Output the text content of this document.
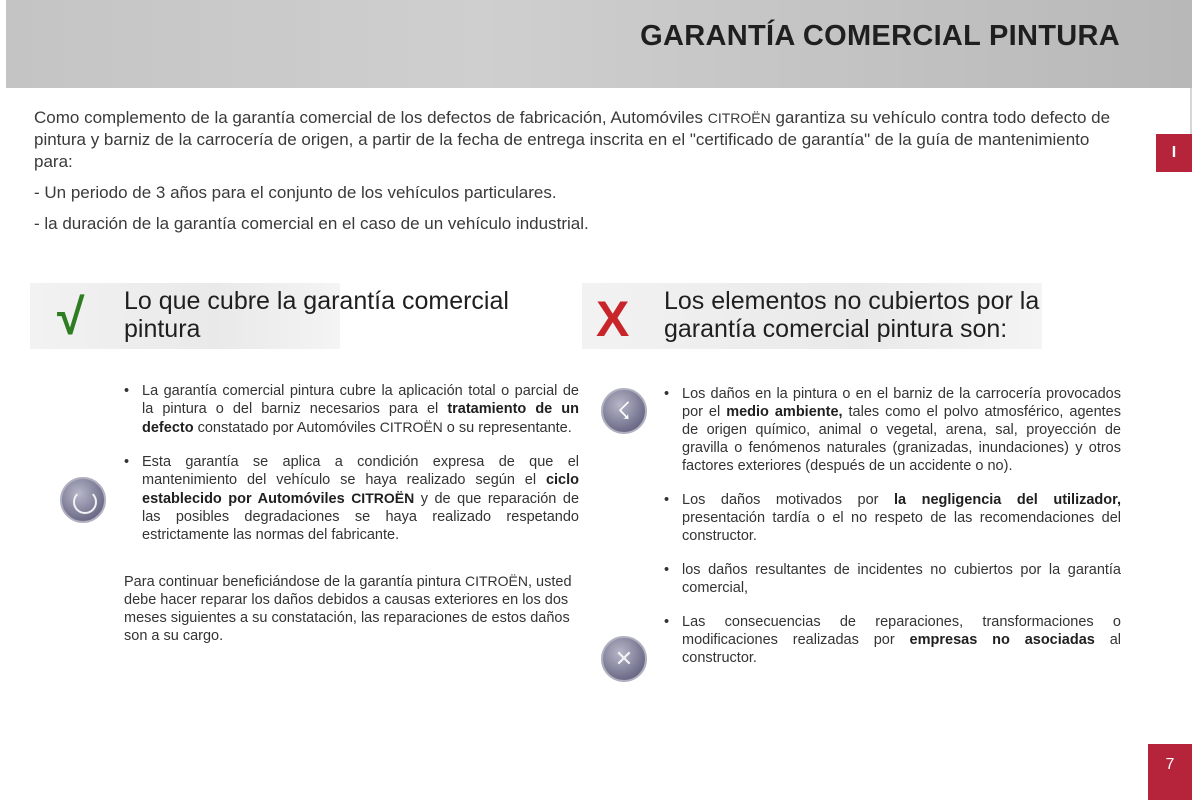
GARANTÍA COMERCIAL PINTURA
I

Como complemento de la garantía comercial de los defectos de fabricación, Automóviles CITROËN garantiza su vehículo contra todo defecto de pintura y barniz de la carrocería de origen, a partir de la fecha de entrega inscrita en el "certificado de garantía" de la guía de mantenimiento para:

- Un periodo de 3 años para el conjunto de los vehículos particulares.

- la duración de la garantía comercial en el caso de un vehículo industrial.

√ Lo que cubre la garantía comercial pintura	X Los elementos no cubiertos por la garantía comercial pintura son:
☇
✕
• La garantía comercial pintura cubre la aplicación total o parcial de la pintura o del barniz necesarios para el tratamiento de un defecto constatado por Automóviles CITROËN o su representante.
• Esta garantía se aplica a condición expresa de que el mantenimiento del vehículo se haya realizado según el ciclo establecido por Automóviles CITROËN y de que reparación de las posibles degradaciones se haya realizado respetando estrictamente las normas del fabricante.

Para continuar beneficiándose de la garantía pintura CITROËN, usted debe hacer reparar los daños debidos a causas exteriores en los dos meses siguientes a su constatación, las reparaciones de estos daños son a su cargo.

• Los daños en la pintura o en el barniz de la carrocería provocados por el medio ambiente, tales como el polvo atmosférico, agentes de origen químico, animal o vegetal, arena, sal, proyección de gravilla o fenómenos naturales (granizadas, inundaciones) y otros factores exteriores (después de un accidente o no).
• Los daños motivados por la negligencia del utilizador, presentación tardía o el no respeto de las recomendaciones del constructor.
• los daños resultantes de incidentes no cubiertos por la garantía comercial,
• Las consecuencias de reparaciones, transformaciones o modificaciones realizadas por empresas no asociadas al constructor.
7
